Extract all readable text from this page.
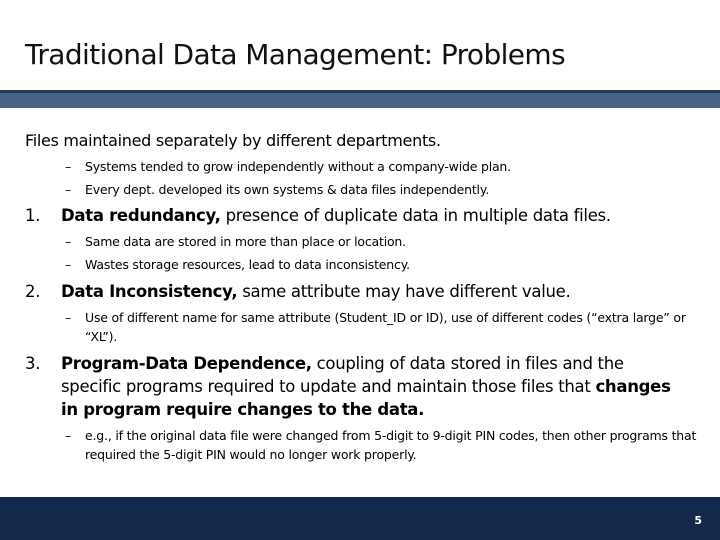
Traditional Data Management: Problems
Files maintained separately by different departments.
– Systems tended to grow independently without a company-wide plan.
– Every dept. developed its own systems & data files independently.
1. Data redundancy, presence of duplicate data in multiple data files.
– Same data are stored in more than place or location.
– Wastes storage resources, lead to data inconsistency.
2. Data Inconsistency, same attribute may have different value.
– Use of different name for same attribute (Student_ID or ID), use of different codes (“extra large” or “XL”).
3. Program-Data Dependence, coupling of data stored in files and the specific programs required to update and maintain those files that changes in program require changes to the data.
– e.g., if the original data file were changed from 5-digit to 9-digit PIN codes, then other programs that required the 5-digit PIN would no longer work properly.
5
